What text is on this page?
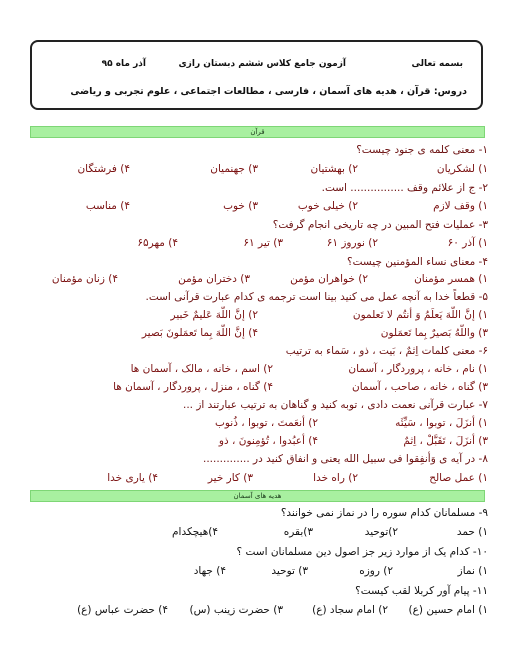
بسمه تعالی
آزمون جامع کلاس ششم دبستان رازی
آذر ماه ۹۵
دروس: قرآن ، هدیه های آسمان ، فارسی ، مطالعات اجتماعی ، علوم تجربی و ریاضی
قرآن
۱- معنی کلمه ی جنود چیست؟
۱) لشکریان
۲) بهشتیان
۳) جهنمیان
۴) فرشتگان
۲- ج از علائم وقف ................ است.
۱) وقف لازم
۲) خیلی خوب
۳) خوب
۴) مناسب
۳- عملیات فتح المبین در چه تاریخی انجام گرفت؟
۱) آذر ۶۰
۲) نوروز ۶۱
۳) تیر ۶۱
۴) مهر۶۵
۴- معنای نساء المؤمنین چیست؟
۱) همسر مؤمنان
۲) خواهران مؤمن
۳) دختران مؤمن
۴) زنان مؤمنان
۵- قطعاً خدا به آنچه عمل می کنید بینا است ترجمه ی کدام عبارت قرآنی است.
۱) إنَّ اللّهَ یَعلَمُ وَ أنتُم لا تَعلمون
۲) إنَّ اللّهَ عَلیمٌ خَبیر
۳) واللّهُ بَصیرٌ بِما تَعمَلون
۴) إنَّ اللّهَ بِما تَعمَلونَ بَصیر
۶- معنی کلمات اِثمٌ ، بَیت ، ذو ، سَماء به ترتیب
۱) نام ، خانه ، پروردگار ، آسمان
۲) اسم ، خانه ، مالک ، آسمان ها
۳) گناه ، خانه ، صاحب ، آسمان
۴) گناه ، منزل ، پروردگار ، آسمان ها
۷- عبارت قرآنی نعمت دادی ، توبه کنید و گناهان به ترتیب عبارتند از ...
۱) أنزَلَ ، توبوا ، سَیِّئَه
۲) أنعَمتَ ، توبوا ، ذُنوب
۳) أنزَلَ ، تَقَبَّلْ ، اِثمٌ
۴) أعبُدوا ، تُؤمِنونَ ، ذو
۸- در آیه ی وَأنفِقوا فی سبیل الله یعنی و انفاق کنید در ..............
۱) عمل صالح
۲) راه خدا
۳) کار خیر
۴) یاری خدا
هدیه های آسمان
۹- مسلمانان کدام سوره را در نماز نمی خوانند؟
۱) حمد
۲)توحید
۳)بقره
۴)هیچکدام
۱۰- کدام یک از موارد زیر جز اصول دین مسلمانان است ؟
۱) نماز
۲) روزه
۳) توحید
۴) جهاد
۱۱- پیام آور کربلا لقب کیست؟
۱) امام حسین (ع)
۲) امام سجاد (ع)
۳) حضرت زینب (س)
۴) حضرت عباس (ع)
